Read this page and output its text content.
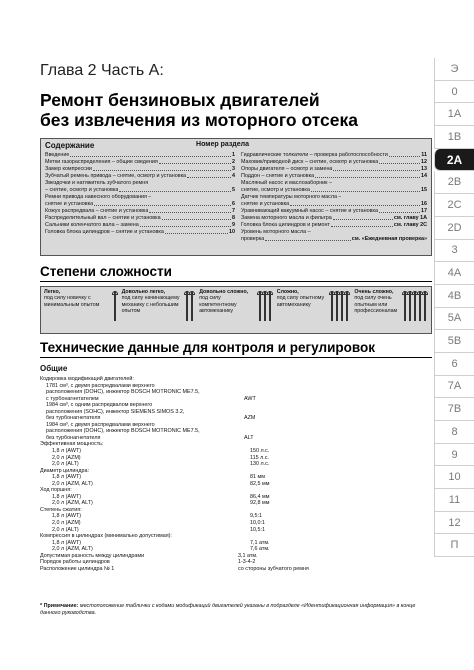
Глава 2 Часть A:
Ремонт бензиновых двигателей
без извлечения из моторного отсека
Содержание	Номер раздела
Введение	1
Метки газораспределения – общие сведения	2
Замер компрессии	3
Зубчатый ремень привода – снятие, осмотр и установка	4
Звездочки и натяжитель зубчатого ремня
– снятие, осмотр и установка	5
Ремни привода навесного оборудования –
снятие и установка	6
Кожух распредвала – снятие и установка	7
Распределительный вал – снятие и установка	8
Сальники коленчатого вала – замена	9
Головка блока цилиндров – снятие и установка	10
Гидравлические толкатели – проверка работоспособности	11
Маховик/приводной диск – снятие, осмотр и установка	12
Опоры двигателя – осмотр и замена	13
Поддон – снятие и установка	14
Масляный насос и маслозаборник –
снятие, осмотр и установка	15
Датчик температуры моторного масла –
снятие и установка	16
Уравнивающий вакуумный насос – снятие и установка	17
Замена моторного масла и фильтра	см. главу 1A
Головка блока цилиндров и ремонт	см. главу 2C
Уровень моторного масла –
проверка	см. «Ежедневная проверка»
Степени сложности
Легко,
под силу новичку с минимальным опытом
Довольно легко,
под силу начинающему механику с небольшим опытом
Довольно сложно,
под силу компетентному автомеханику
Сложно,
под силу опытному автомеханику
Очень сложно,
под силу очень опытным или профессионалам
Технические данные для контроля и регулировок
Общие
Кодировка модификаций двигателей:
1781 см³, с двумя распредвалами верхнего
расположения (DOHC), инжектор BOSCH MOTRONIC ME7.5,
с турбонагнетателем	AWT
1984 см³, с одним распредвалом верхнего
расположения (SOHC), инжектор SIEMENS SIMOS 3.2,
без турбонагнетателя	AZM
1984 см³, с двумя распредвалами верхнего
расположения (DOHC), инжектор BOSCH MOTRONIC ME7.5,
без турбонагнетателя	ALT
Эффективная мощность:
1,8 л (AWT)	150 л.с.
2,0 л (AZM)	115 л.с.
2,0 л (ALT)	130 л.с.
Диаметр цилиндра:
1,8 л (AWT)	81 мм
2,0 л (AZM, ALT)	82,5 мм
Ход поршня:
1,8 л (AWT)	86,4 мм
2,0 л (AZM, ALT)	92,8 мм
Степень сжатия:
1,8 л (AWT)	9,5:1
2,0 л (AZM)	10,0:1
2,0 л (ALT)	10,5:1
Компрессия в цилиндрах (минимально допустимая):
1,8 л (AWT)	7,1 атм.
2,0 л (AZM, ALT)	7,6 атм.
Допустимая разность между цилиндрами	3,1 атм.
Порядок работы цилиндров	1-3-4-2
Расположение цилиндра № 1	со стороны зубчатого ремня
* Примечание: местоположение таблички с кодами модификаций двигателей указаны в подразделе «Идентификационная информация» в конце данного руководства.
Э
0
1A
1B
2A
2B
2C
2D
3
4A
4B
5A
5B
6
7A
7B
8
9
10
11
12
П
